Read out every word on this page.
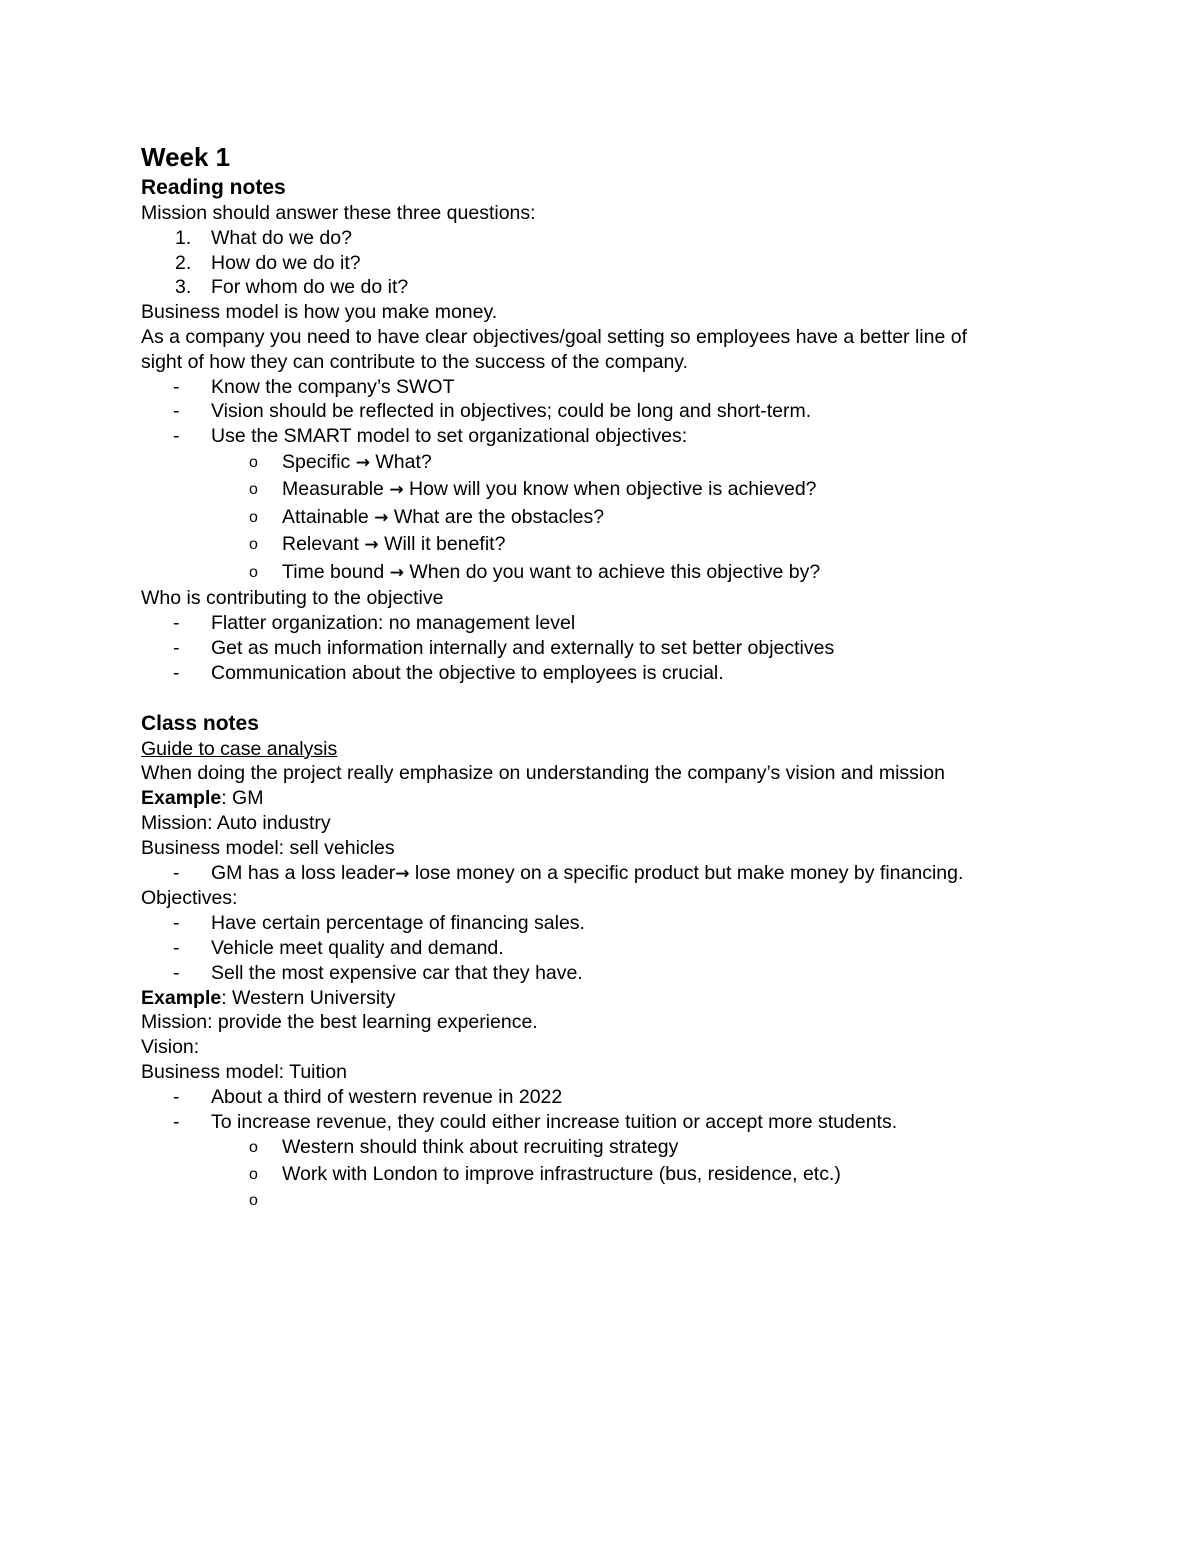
Week 1
Reading notes
Mission should answer these three questions:
1. What do we do?
2. How do we do it?
3. For whom do we do it?
Business model is how you make money.
As a company you need to have clear objectives/goal setting so employees have a better line of
sight of how they can contribute to the success of the company.
- Know the company’s SWOT
- Vision should be reflected in objectives; could be long and short-term.
- Use the SMART model to set organizational objectives:
o Specific → What?
o Measurable → How will you know when objective is achieved?
o Attainable → What are the obstacles?
o Relevant → Will it benefit?
o Time bound → When do you want to achieve this objective by?
Who is contributing to the objective
- Flatter organization: no management level
- Get as much information internally and externally to set better objectives
- Communication about the objective to employees is crucial.
Class notes
Guide to case analysis
When doing the project really emphasize on understanding the company’s vision and mission
Example: GM
Mission: Auto industry
Business model: sell vehicles
- GM has a loss leader→ lose money on a specific product but make money by financing.
Objectives:
- Have certain percentage of financing sales.
- Vehicle meet quality and demand.
- Sell the most expensive car that they have.
Example: Western University
Mission: provide the best learning experience.
Vision:
Business model: Tuition
- About a third of western revenue in 2022
- To increase revenue, they could either increase tuition or accept more students.
o Western should think about recruiting strategy
o Work with London to improve infrastructure (bus, residence, etc.)
o
